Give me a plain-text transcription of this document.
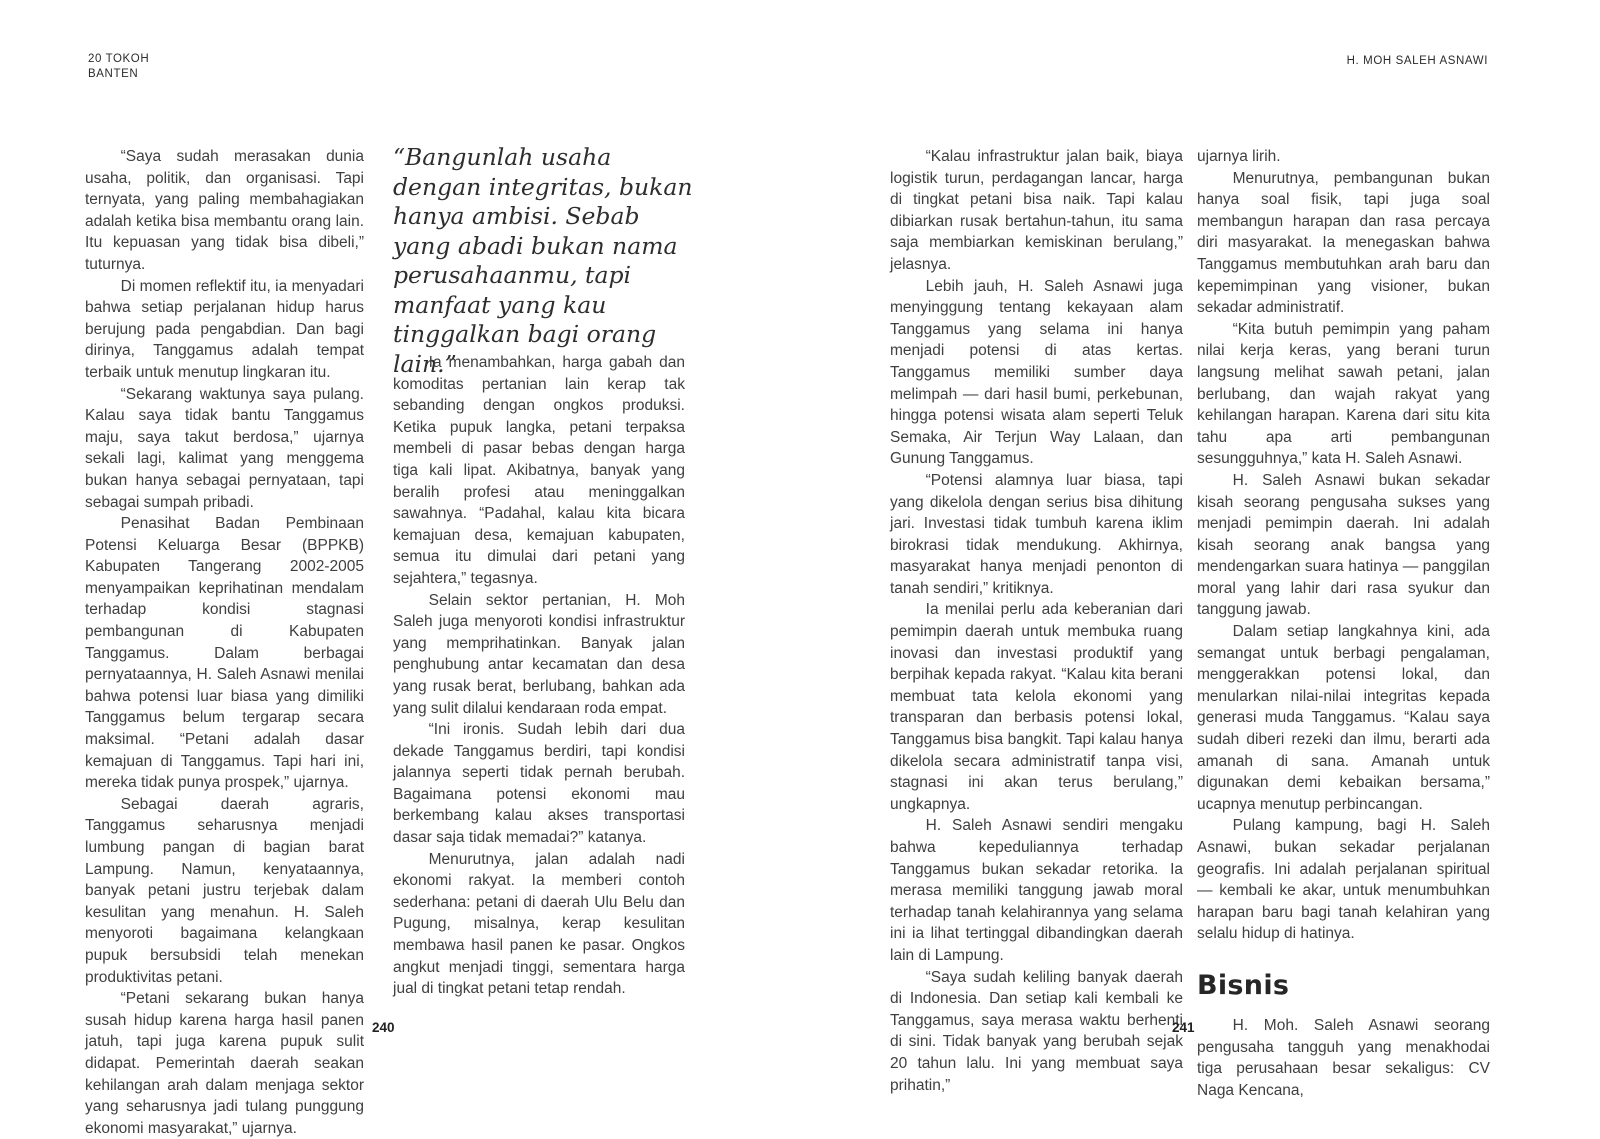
20 TOKOH
BANTEN
H. MOH SALEH ASNAWI

“Saya sudah merasakan dunia usaha, politik, dan organisasi. Tapi ternyata, yang paling membahagiakan adalah ketika bisa membantu orang lain. Itu kepuasan yang tidak bisa dibeli,” tuturnya.

Di momen reflektif itu, ia menyadari bahwa setiap perjalanan hidup harus berujung pada pengabdian. Dan bagi dirinya, Tanggamus adalah tempat terbaik untuk menutup lingkaran itu.

“Sekarang waktunya saya pulang. Kalau saya tidak bantu Tanggamus maju, saya takut berdosa,” ujarnya sekali lagi, kalimat yang menggema bukan hanya sebagai pernyataan, tapi sebagai sumpah pribadi.

Penasihat Badan Pembinaan Potensi Keluarga Besar (BPPKB) Kabupaten Tangerang 2002-2005 menyampaikan keprihatinan mendalam terhadap kondisi stagnasi pembangunan di Kabupaten Tanggamus. Dalam berbagai pernyataannya, H. Saleh Asnawi menilai bahwa potensi luar biasa yang dimiliki Tanggamus belum tergarap secara maksimal. “Petani adalah dasar kemajuan di Tanggamus. Tapi hari ini, mereka tidak punya prospek,” ujarnya.

Sebagai daerah agraris, Tanggamus seharusnya menjadi lumbung pangan di bagian barat Lampung. Namun, kenyataannya, banyak petani justru terjebak dalam kesulitan yang menahun. H. Saleh menyoroti bagaimana kelangkaan pupuk bersubsidi telah menekan produktivitas petani.

“Petani sekarang bukan hanya susah hidup karena harga hasil panen jatuh, tapi juga karena pupuk sulit didapat. Pemerintah daerah seakan kehilangan arah dalam menjaga sektor yang seharusnya jadi tulang punggung ekonomi masyarakat,” ujarnya.

“Bangunlah usaha dengan integritas, bukan hanya ambisi. Sebab yang abadi bukan nama perusahaanmu, tapi manfaat yang kau tinggalkan bagi orang lain.”

Ia menambahkan, harga gabah dan komoditas pertanian lain kerap tak sebanding dengan ongkos produksi. Ketika pupuk langka, petani terpaksa membeli di pasar bebas dengan harga tiga kali lipat. Akibatnya, banyak yang beralih profesi atau meninggalkan sawahnya. “Padahal, kalau kita bicara kemajuan desa, kemajuan kabupaten, semua itu dimulai dari petani yang sejahtera,” tegasnya.

Selain sektor pertanian, H. Moh Saleh juga menyoroti kondisi infrastruktur yang memprihatinkan. Banyak jalan penghubung antar kecamatan dan desa yang rusak berat, berlubang, bahkan ada yang sulit dilalui kendaraan roda empat.

“Ini ironis. Sudah lebih dari dua dekade Tanggamus berdiri, tapi kondisi jalannya seperti tidak pernah berubah. Bagaimana potensi ekonomi mau berkembang kalau akses transportasi dasar saja tidak memadai?” katanya.

Menurutnya, jalan adalah nadi ekonomi rakyat. Ia memberi contoh sederhana: petani di daerah Ulu Belu dan Pugung, misalnya, kerap kesulitan membawa hasil panen ke pasar. Ongkos angkut menjadi tinggi, sementara harga jual di tingkat petani tetap rendah.

“Kalau infrastruktur jalan baik, biaya logistik turun, perdagangan lancar, harga di tingkat petani bisa naik. Tapi kalau dibiarkan rusak bertahun-tahun, itu sama saja membiarkan kemiskinan berulang,” jelasnya.

Lebih jauh, H. Saleh Asnawi juga menyinggung tentang kekayaan alam Tanggamus yang selama ini hanya menjadi potensi di atas kertas. Tanggamus memiliki sumber daya melimpah — dari hasil bumi, perkebunan, hingga potensi wisata alam seperti Teluk Semaka, Air Terjun Way Lalaan, dan Gunung Tanggamus.

“Potensi alamnya luar biasa, tapi yang dikelola dengan serius bisa dihitung jari. Investasi tidak tumbuh karena iklim birokrasi tidak mendukung. Akhirnya, masyarakat hanya menjadi penonton di tanah sendiri,” kritiknya.

Ia menilai perlu ada keberanian dari pemimpin daerah untuk membuka ruang inovasi dan investasi produktif yang berpihak kepada rakyat. “Kalau kita berani membuat tata kelola ekonomi yang transparan dan berbasis potensi lokal, Tanggamus bisa bangkit. Tapi kalau hanya dikelola secara administratif tanpa visi, stagnasi ini akan terus berulang,” ungkapnya.

H. Saleh Asnawi sendiri mengaku bahwa kepeduliannya terhadap Tanggamus bukan sekadar retorika. Ia merasa memiliki tanggung jawab moral terhadap tanah kelahirannya yang selama ini ia lihat tertinggal dibandingkan daerah lain di Lampung.

“Saya sudah keliling banyak daerah di Indonesia. Dan setiap kali kembali ke Tanggamus, saya merasa waktu berhenti di sini. Tidak banyak yang berubah sejak 20 tahun lalu. Ini yang membuat saya prihatin,”

ujarnya lirih.

Menurutnya, pembangunan bukan hanya soal fisik, tapi juga soal membangun harapan dan rasa percaya diri masyarakat. Ia menegaskan bahwa Tanggamus membutuhkan arah baru dan kepemimpinan yang visioner, bukan sekadar administratif.

“Kita butuh pemimpin yang paham nilai kerja keras, yang berani turun langsung melihat sawah petani, jalan berlubang, dan wajah rakyat yang kehilangan harapan. Karena dari situ kita tahu apa arti pembangunan sesungguhnya,” kata H. Saleh Asnawi.

H. Saleh Asnawi bukan sekadar kisah seorang pengusaha sukses yang menjadi pemimpin daerah. Ini adalah kisah seorang anak bangsa yang mendengarkan suara hatinya — panggilan moral yang lahir dari rasa syukur dan tanggung jawab.

Dalam setiap langkahnya kini, ada semangat untuk berbagi pengalaman, menggerakkan potensi lokal, dan menularkan nilai-nilai integritas kepada generasi muda Tanggamus. “Kalau saya sudah diberi rezeki dan ilmu, berarti ada amanah di sana. Amanah untuk digunakan demi kebaikan bersama,” ucapnya menutup perbincangan.

Pulang kampung, bagi H. Saleh Asnawi, bukan sekadar perjalanan geografis. Ini adalah perjalanan spiritual — kembali ke akar, untuk menumbuhkan harapan baru bagi tanah kelahiran yang selalu hidup di hatinya.

Bisnis

H. Moh. Saleh Asnawi seorang pengusaha tangguh yang menakhodai tiga perusahaan besar sekaligus: CV Naga Kencana,

240	241
